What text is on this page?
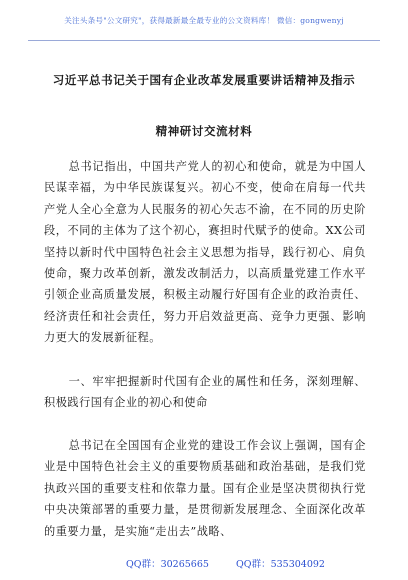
关注头条号"公文研究"，获得最新最全最专业的公文资料库！ 微信：gongwenyj
习近平总书记关于国有企业改革发展重要讲话精神及指示
精神研讨交流材料

总书记指出，中国共产党人的初心和使命，就是为中国人民谋幸福，为中华民族谋复兴。初心不变，使命在肩每一代共产党人全心全意为人民服务的初心矢志不渝，在不同的历史阶段，不同的主体为了这个初心，赛担时代赋予的使命。XX公司坚持以新时代中国特色社会主义思想为指导，践行初心、肩负使命，聚力改革创新，激发改制活力，以高质量党建工作水平引领企业高质量发展，积极主动履行好国有企业的政治责任、经济责任和社会责任，努力开启效益更高、竞争力更强、影响力更大的发展新征程。

一、牢牢把握新时代国有企业的属性和任务，深刻理解、积极践行国有企业的初心和使命

总书记在全国国有企业党的建设工作会议上强调，国有企业是中国特色社会主义的重要物质基础和政治基础，是我们党执政兴国的重要支柱和依靠力量。国有企业是坚决贯彻执行党中央决策部署的重要力量，是贯彻新发展理念、全面深化改革的重要力量，是实施“走出去”战略、

QQ群：30265665	QQ群：535304092
